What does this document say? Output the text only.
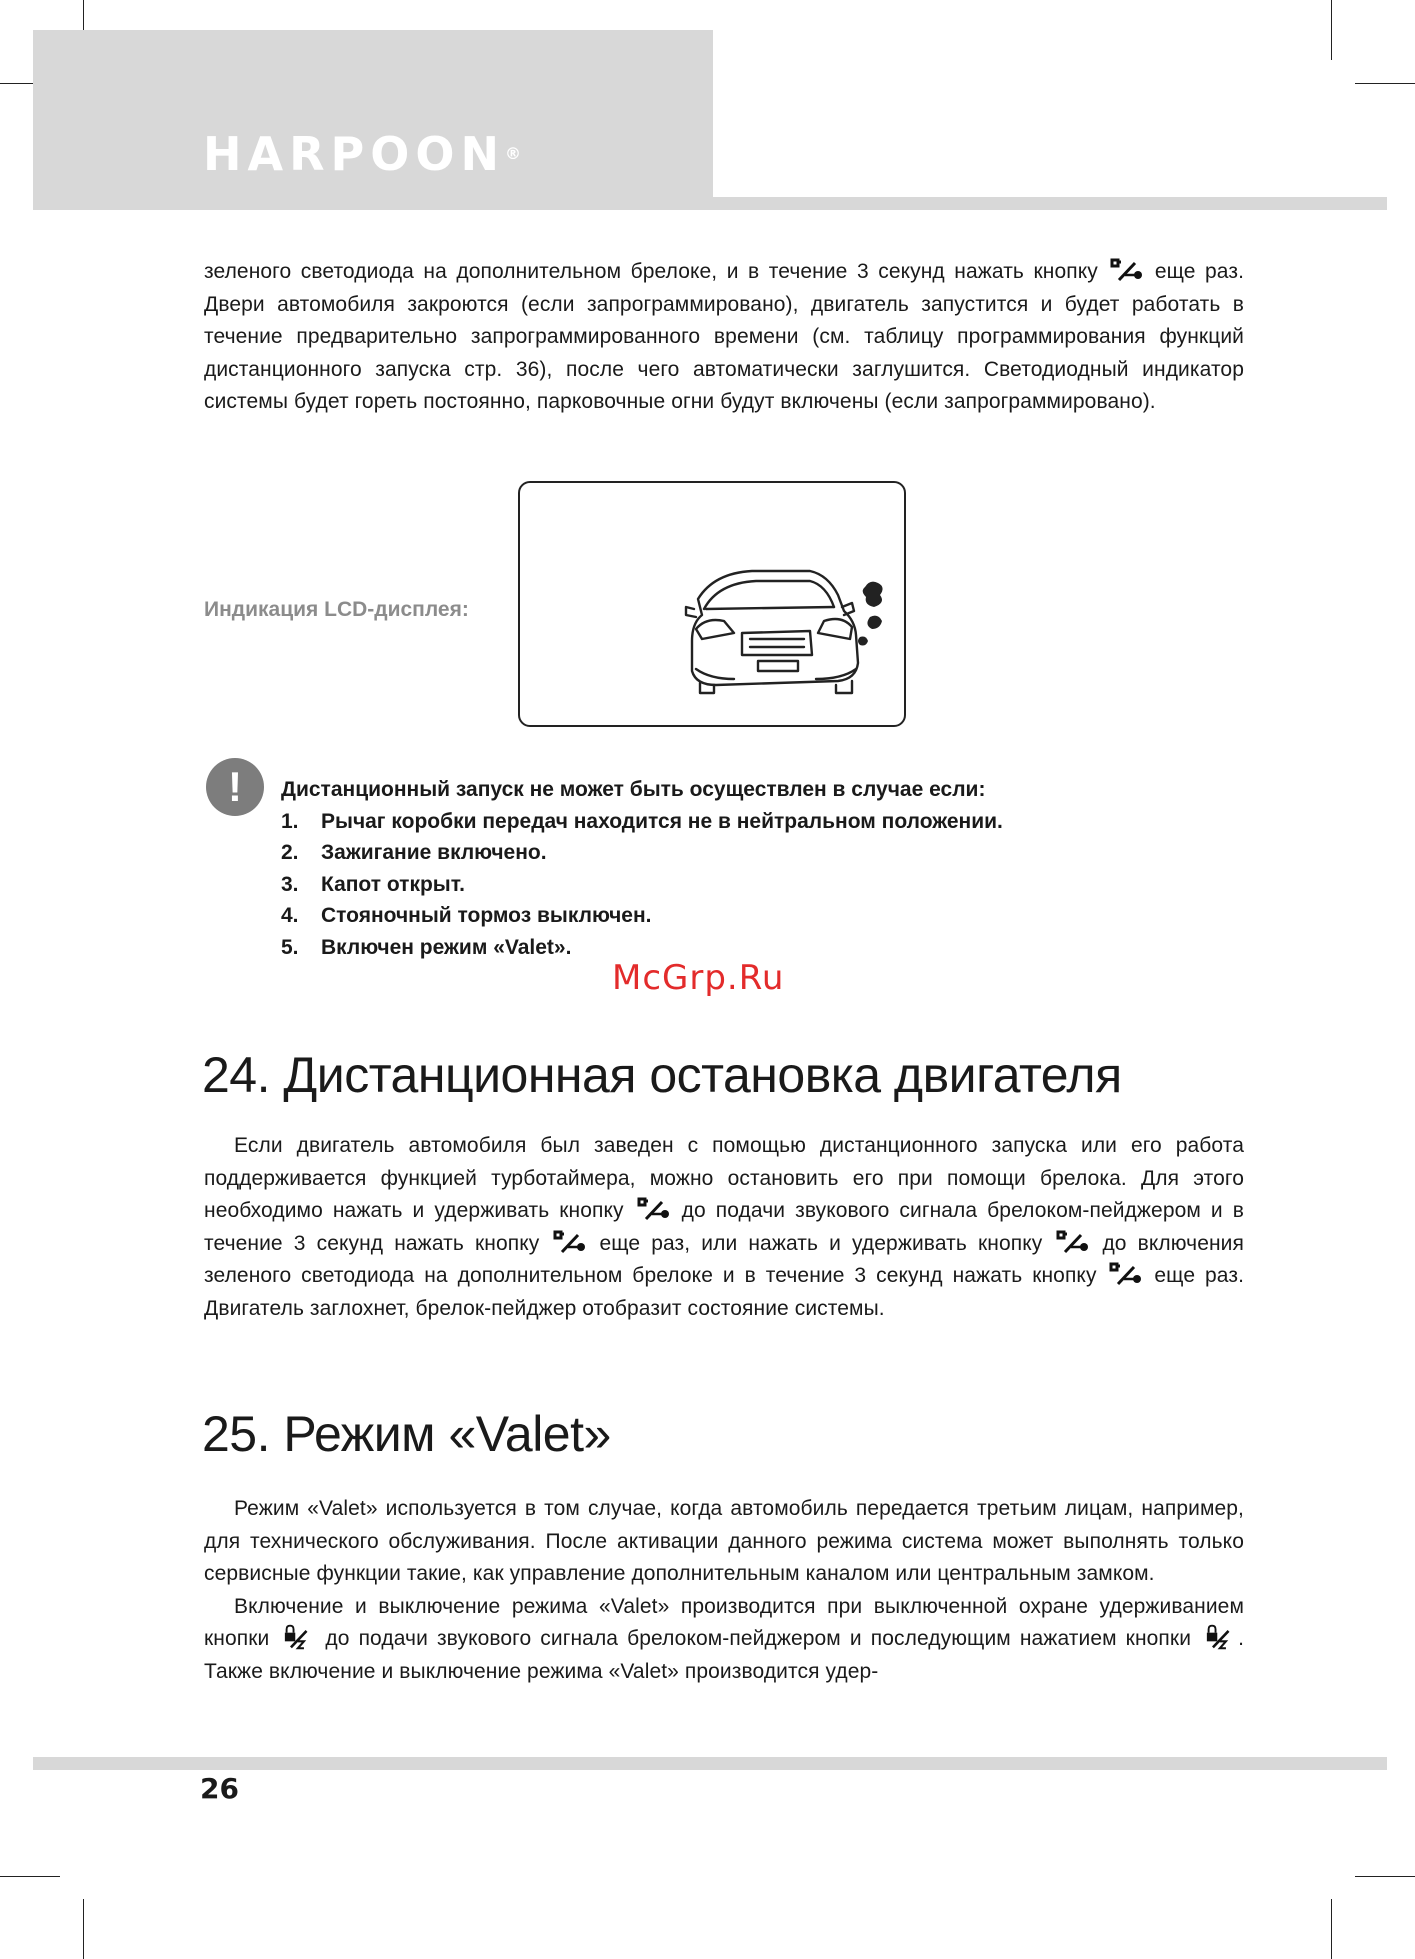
HARPOON®

зеленого светодиода на дополнительном брелоке, и в течение 3 секунд нажать кнопку	еще раз. Двери автомобиля закроются (если запрограммировано), двигатель запустится и будет работать в течение предварительно запрограммированного времени (см. таблицу программирования функций дистанционного запуска стр. 36), после чего автоматически заглушится. Светодиодный индикатор системы будет гореть постоянно, парковочные огни будут включены (если запрограммировано).

Индикация LCD-дисплея:
!	Дистанционный запуск не может быть осуществлен в случае если:
1.	Рычаг коробки передач находится не в нейтральном положении.
2.	Зажигание включено.
3.	Капот открыт.
4.	Стояночный тормоз выключен.
5.	Включен режим «Valet».
McGrp.Ru
24. Дистанционная остановка двигателя

Если двигатель автомобиля был заведен с помощью дистанционного запуска или его работа поддерживается функцией турботаймера, можно остановить его при помощи брелока. Для этого необходимо нажать и удерживать кнопку	до подачи звукового сигнала брелоком-пейджером и в течение 3 секунд нажать кнопку	еще раз, или нажать и удерживать кнопку	до включения зеленого светодиода на дополнительном брелоке и в течение 3 секунд нажать кнопку	еще раз. Двигатель заглохнет, брелок-пейджер отобразит состояние системы.

25. Режим «Valet»

Режим «Valet» используется в том случае, когда автомобиль передается третьим лицам, например, для технического обслуживания. После активации данного режима система может выполнять только сервисные функции такие, как управление дополнительным каналом или центральным замком.

Включение и выключение режима «Valet» производится при выключенной охране удерживанием кнопки	до подачи звукового сигнала брелоком-пейджером и последующим нажатием кнопки . Также включение и выключение режима «Valet» производится удер-

26
